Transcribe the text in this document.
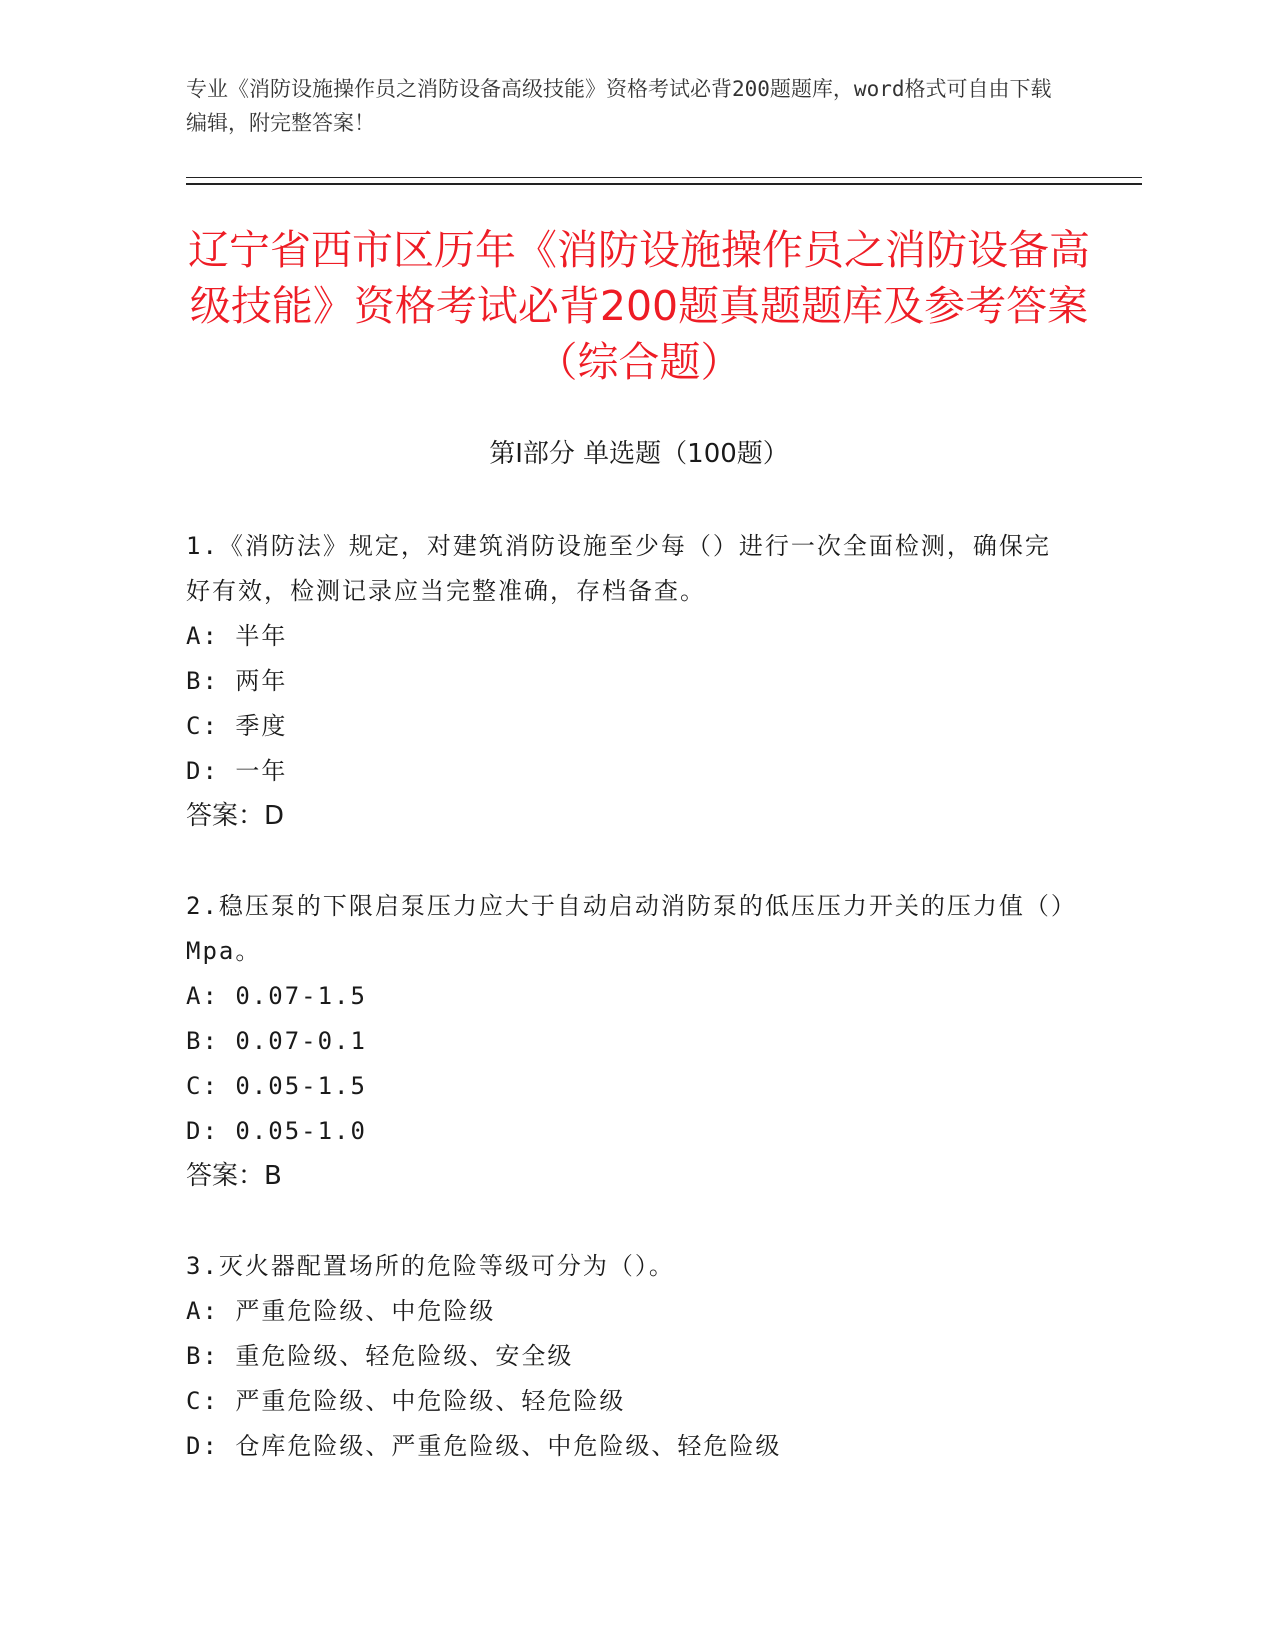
专业《消防设施操作员之消防设备高级技能》资格考试必背200题题库，word格式可自由下载编辑，附完整答案！
辽宁省西市区历年《消防设施操作员之消防设备高级技能》资格考试必背200题真题题库及参考答案（综合题）
第I部分 单选题（100题）
1.《消防法》规定，对建筑消防设施至少每（）进行一次全面检测，确保完好有效，检测记录应当完整准确，存档备查。
A: 半年
B: 两年
C: 季度
D: 一年
答案：D
2.稳压泵的下限启泵压力应大于自动启动消防泵的低压压力开关的压力值（）Mpa。
A: 0.07-1.5
B: 0.07-0.1
C: 0.05-1.5
D: 0.05-1.0
答案：B
3.灭火器配置场所的危险等级可分为（）。
A: 严重危险级、中危险级
B: 重危险级、轻危险级、安全级
C: 严重危险级、中危险级、轻危险级
D: 仓库危险级、严重危险级、中危险级、轻危险级
